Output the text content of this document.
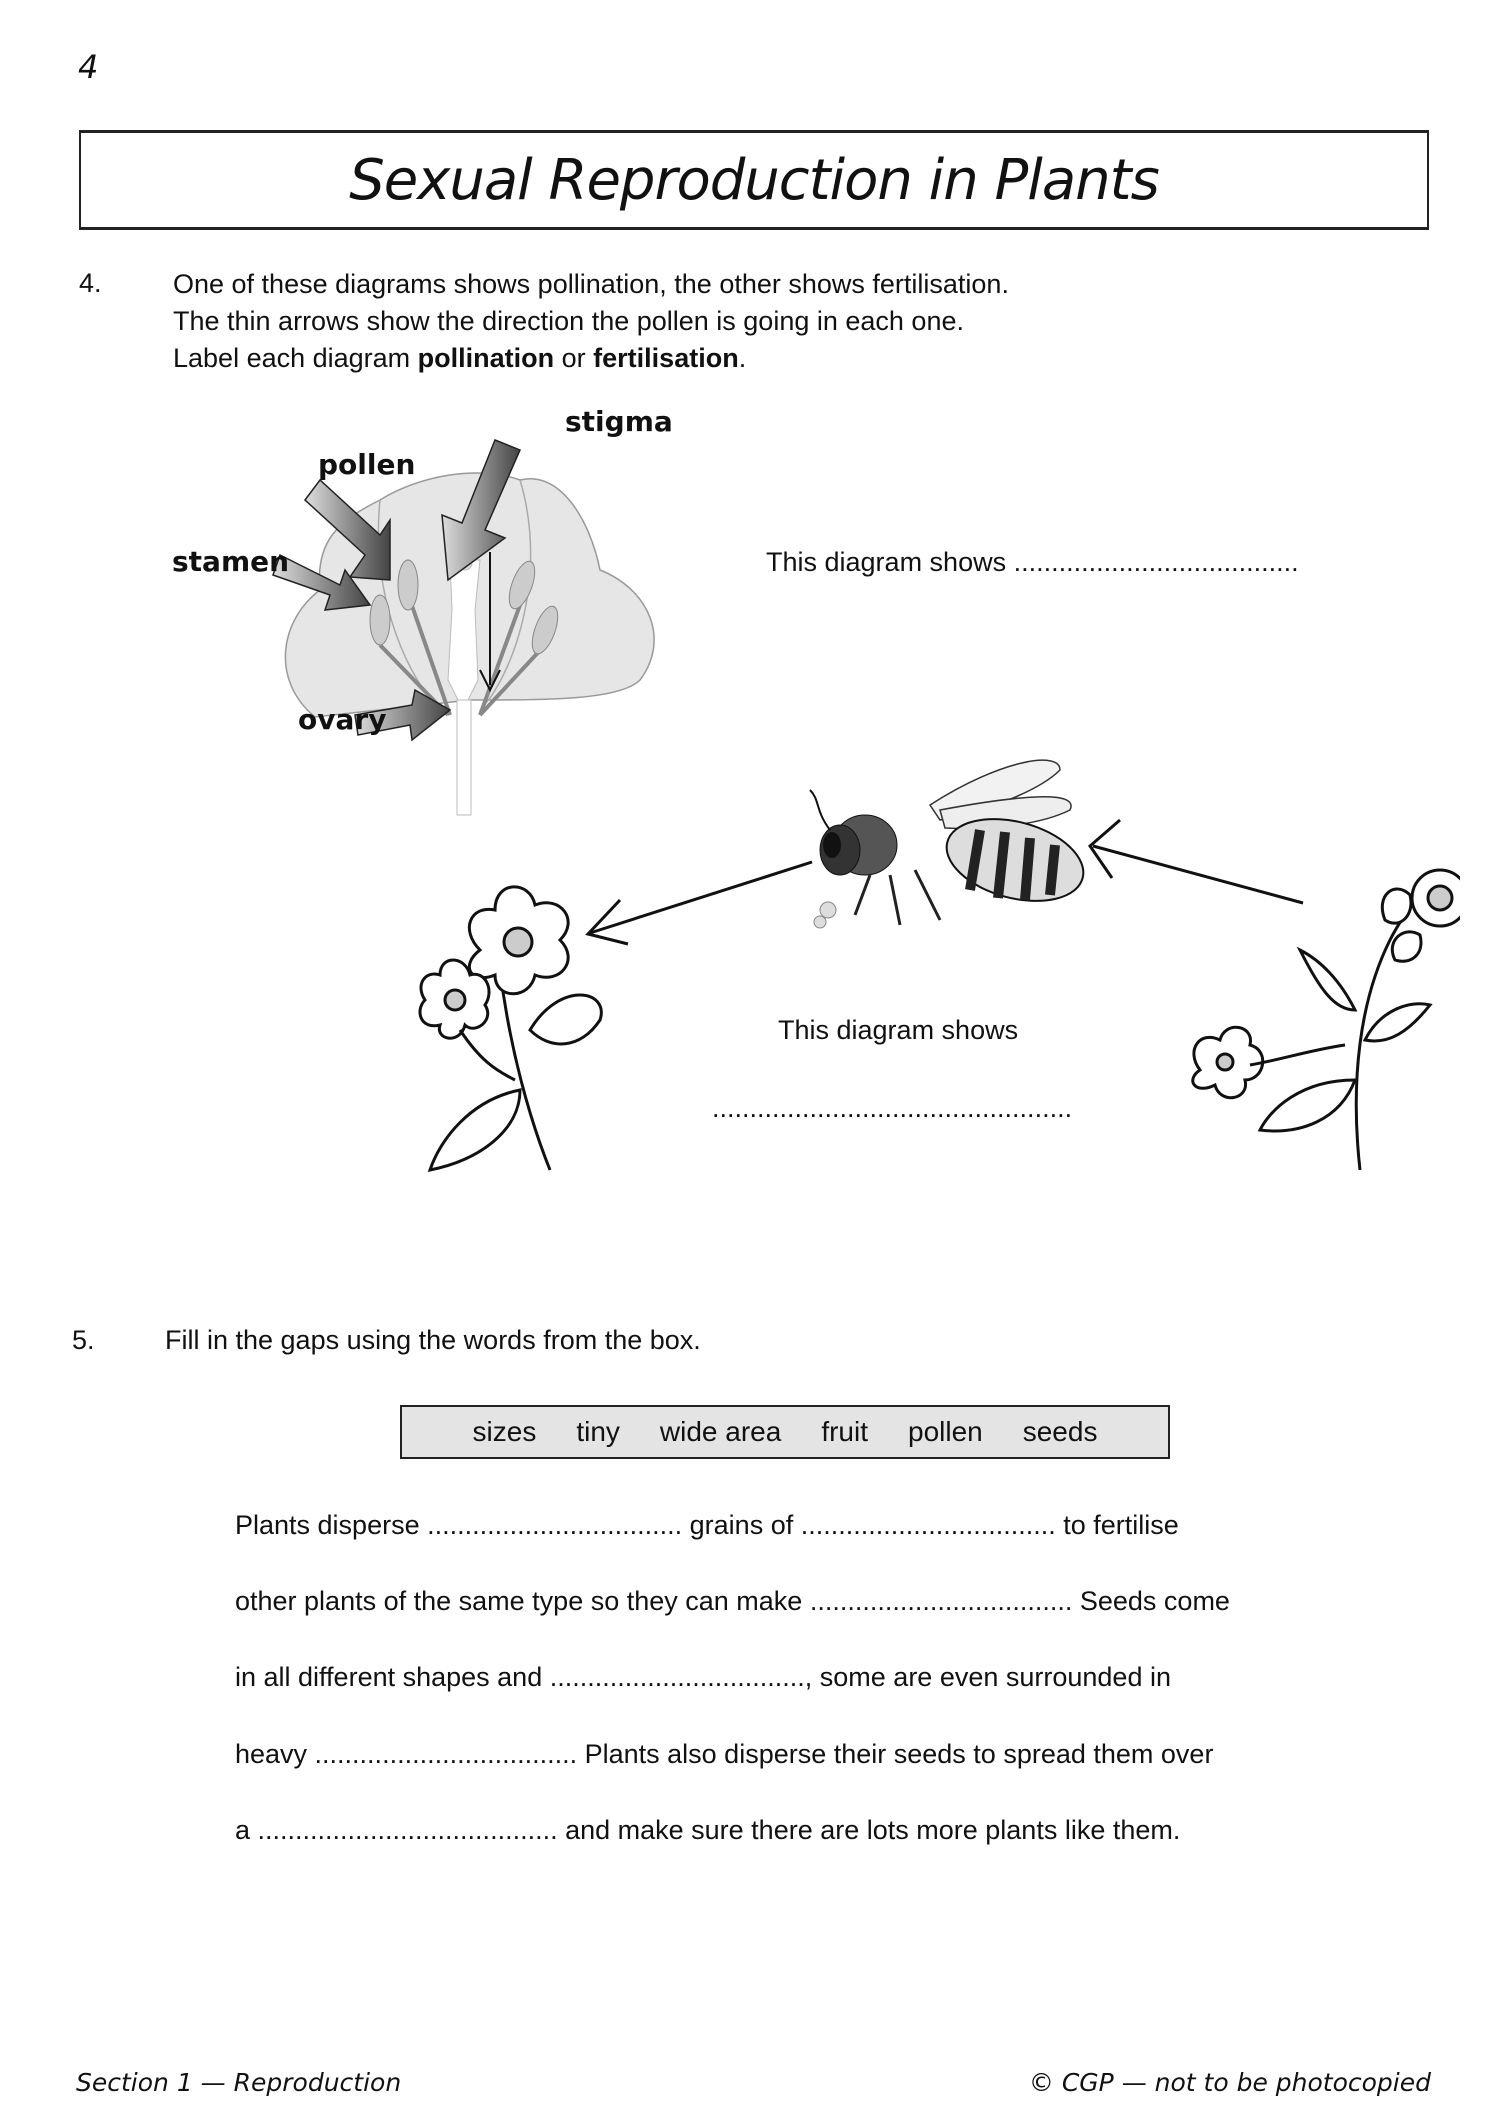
4
Sexual Reproduction in Plants
4.	One of these diagrams shows pollination, the other shows fertilisation.
The thin arrows show the direction the pollen is going in each one.
Label each diagram pollination or fertilisation.
stigma
pollen
stamen
ovary
This diagram shows ......................................
This diagram shows
................................................
5.	Fill in the gaps using the words from the box.
sizes tiny wide area fruit pollen seeds
Plants disperse .................................. grains of .................................. to fertilise
other plants of the same type so they can make ................................... Seeds come
in all different shapes and .................................., some are even surrounded in
heavy ................................... Plants also disperse their seeds to spread them over
a ........................................ and make sure there are lots more plants like them.
Section 1 — Reproduction	© CGP — not to be photocopied
